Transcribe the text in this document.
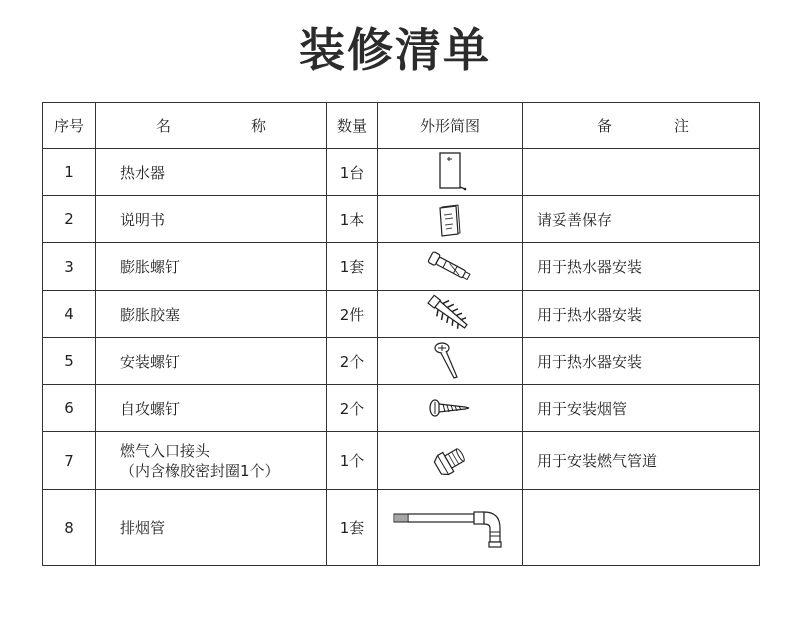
装修清单
序号	名 称	数量	外形简图	备 注

1	热水器	1台	

2	说明书	1本		请妥善保存
3	膨胀螺钉	1套		用于热水器安装
4	膨胀胶塞	2件		用于热水器安装
5	安装螺钉	2个		用于热水器安装
6	自攻螺钉	2个		用于安装烟管
7	燃气入口接头
（内含橡胶密封圈1个）	1个		用于安装燃气管道
8	排烟管	1套	
